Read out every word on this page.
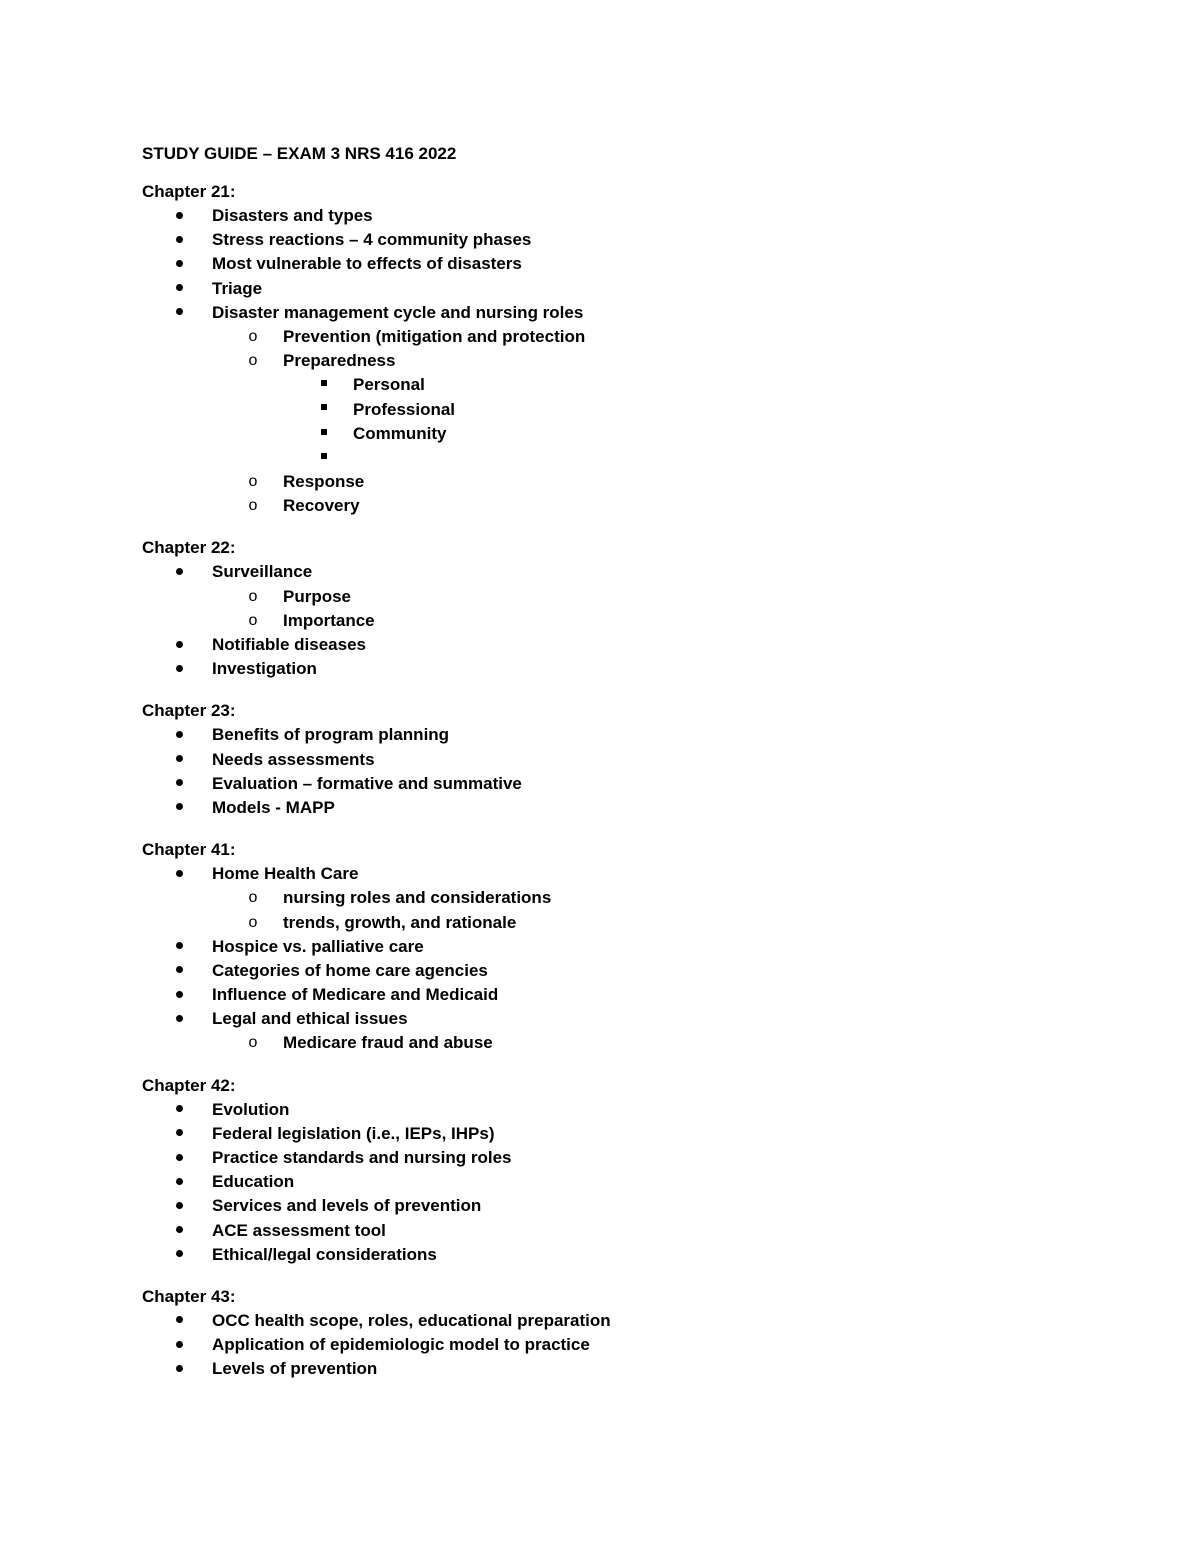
STUDY GUIDE – EXAM 3 NRS 416 2022
Chapter 21:
Disasters and types
Stress reactions – 4 community phases
Most vulnerable to effects of disasters
Triage
Disaster management cycle and nursing roles
o Prevention (mitigation and protection
o Preparedness
Personal
Professional
Community
o Response
o Recovery
Chapter 22:
Surveillance
o Purpose
o Importance
Notifiable diseases
Investigation
Chapter 23:
Benefits of program planning
Needs assessments
Evaluation – formative and summative
Models - MAPP
Chapter 41:
Home Health Care
o nursing roles and considerations
o trends, growth, and rationale
Hospice vs. palliative care
Categories of home care agencies
Influence of Medicare and Medicaid
Legal and ethical issues
o Medicare fraud and abuse
Chapter 42:
Evolution
Federal legislation (i.e., IEPs, IHPs)
Practice standards and nursing roles
Education
Services and levels of prevention
ACE assessment tool
Ethical/legal considerations
Chapter 43:
OCC health scope, roles, educational preparation
Application of epidemiologic model to practice
Levels of prevention
